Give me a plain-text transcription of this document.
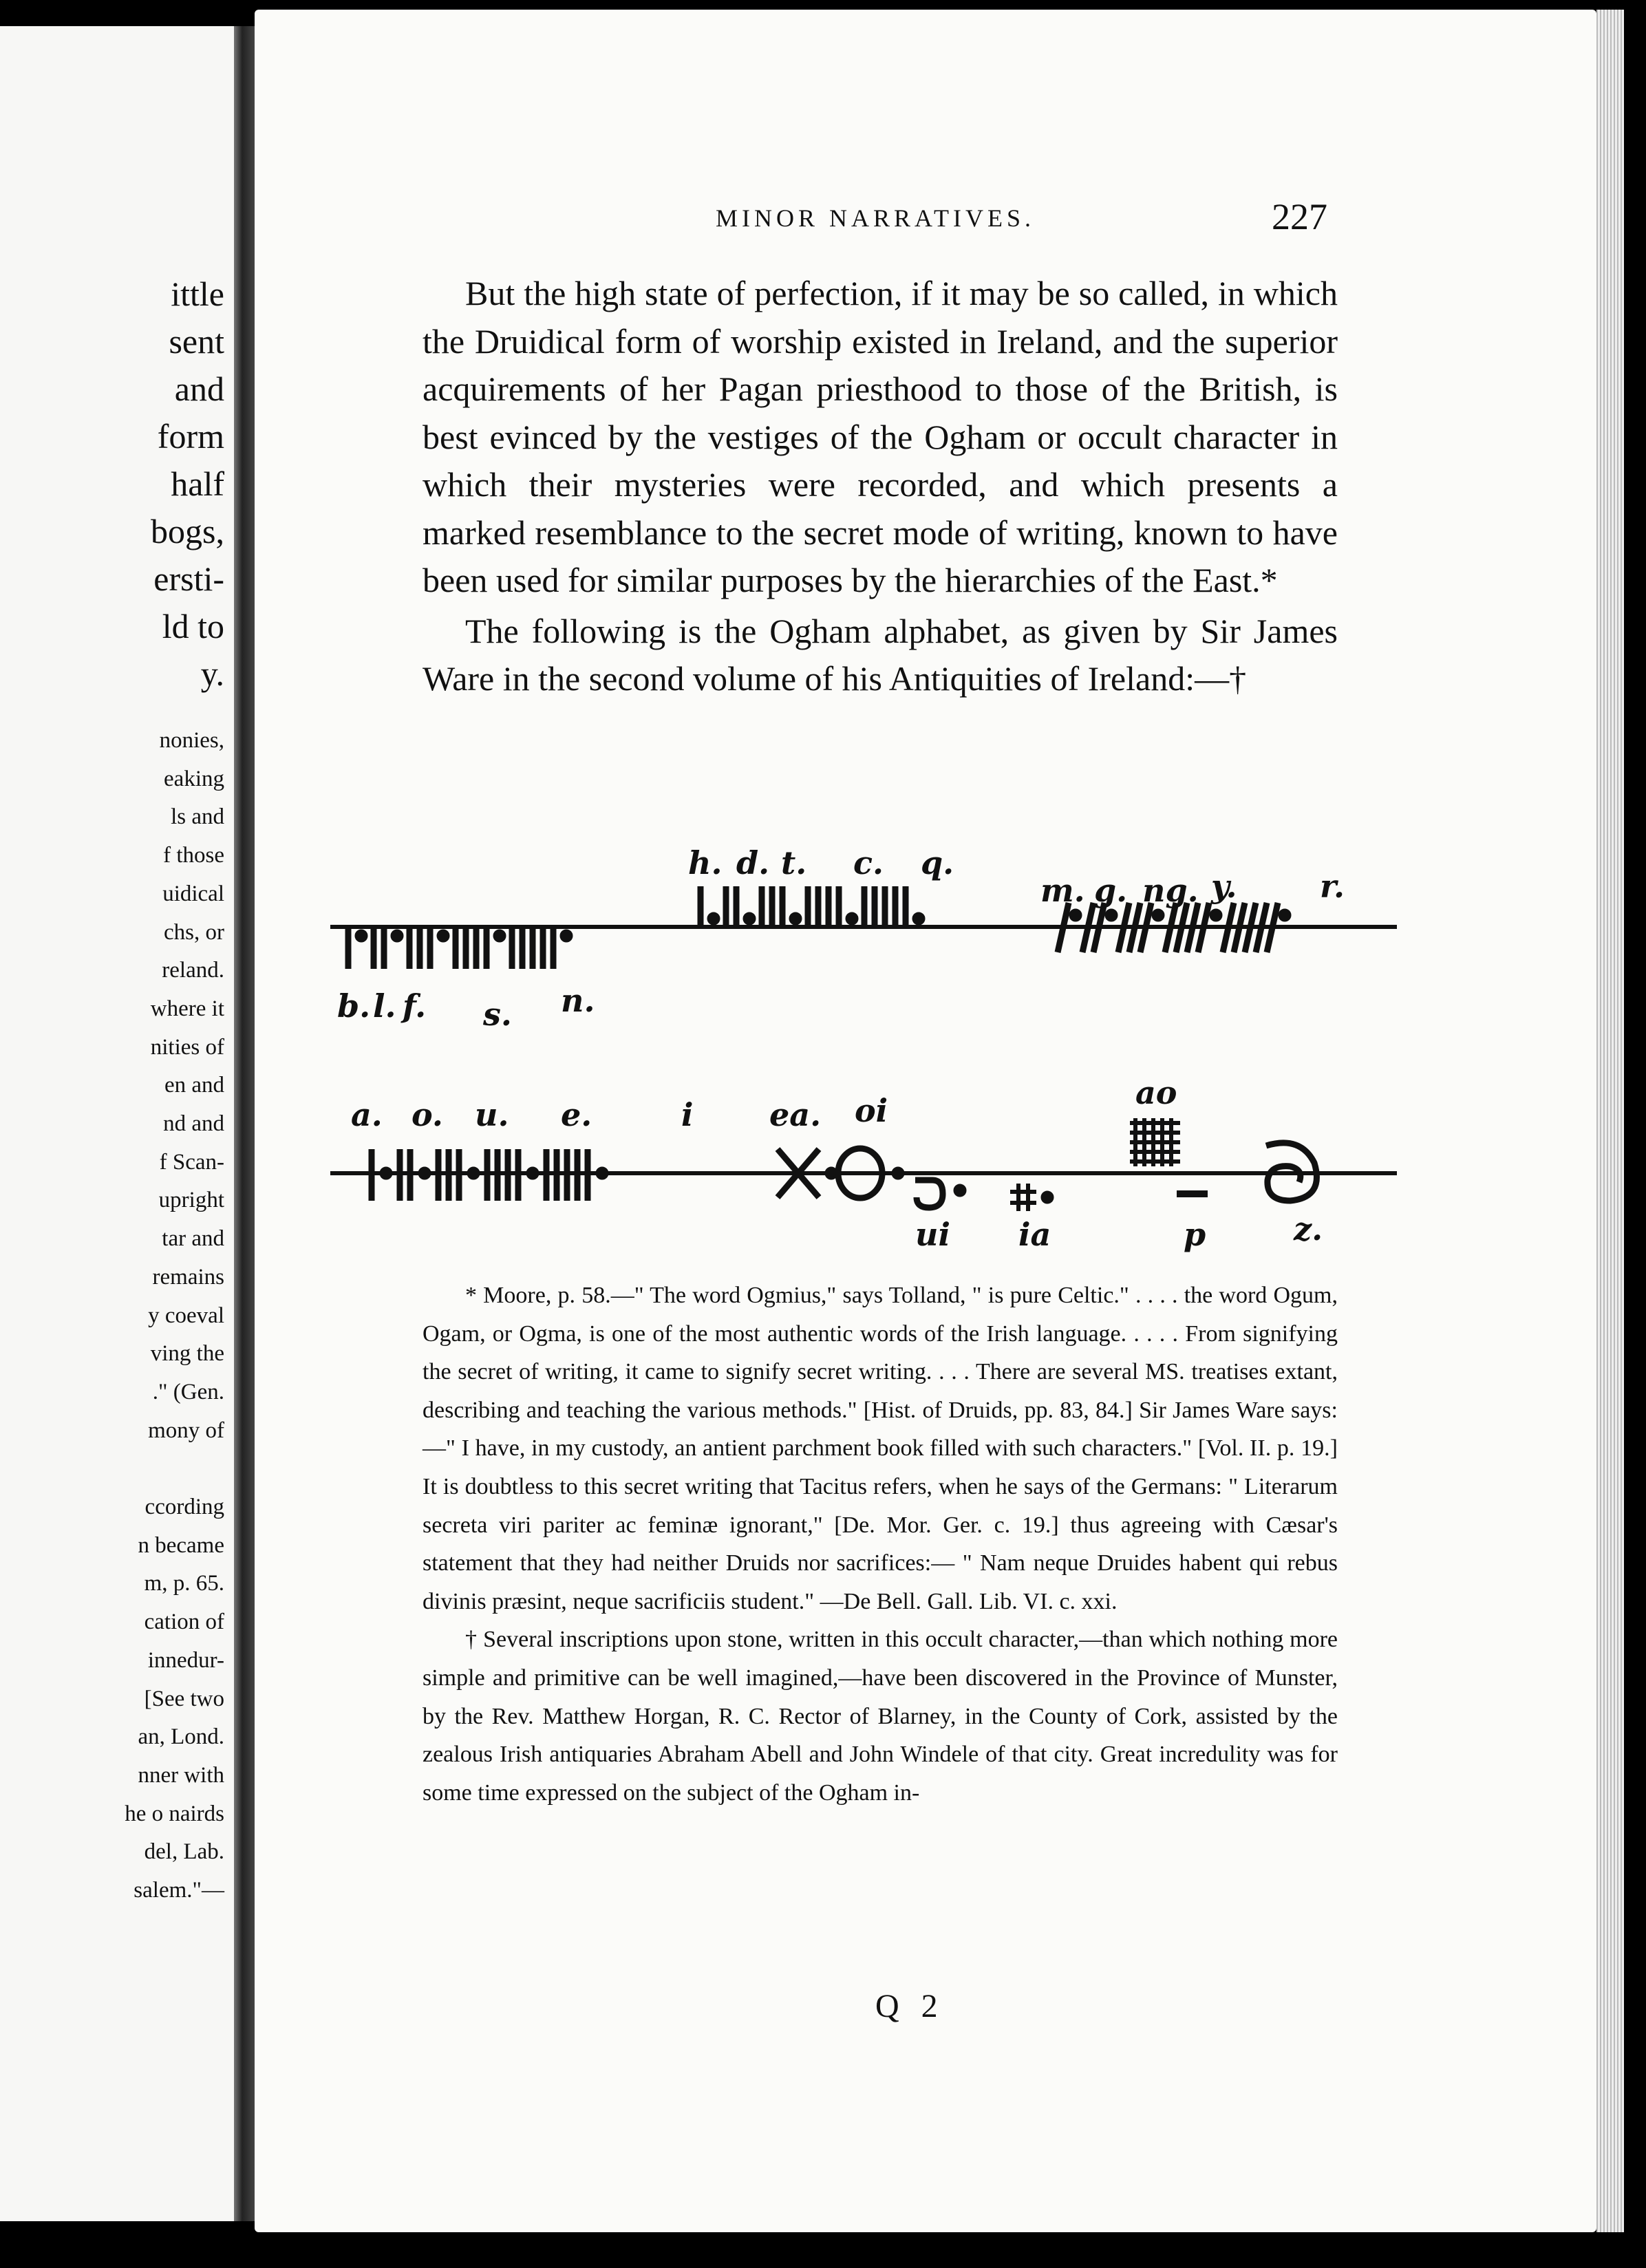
ittle
sent
and
form
half
bogs,
ersti-
ld to
y.
nonies,
eaking
ls and
f those
uidical
chs, or
reland.
where it
nities of
en and
nd and
f Scan-
upright
tar and
remains
y coeval
ving the
." (Gen.
mony of
ccording
n became
m, p. 65.
cation of
innedur-
[See two
an, Lond.
nner with
he o nairds
del, Lab.
salem."—
MINOR NARRATIVES.	227

But the high state of perfection, if it may be so called, in which the Druidical form of worship existed in Ireland, and the superior acquirements of her Pagan priesthood to those of the British, is best evinced by the vestiges of the Ogham or occult character in which their mysteries were recorded, and which presents a marked resemblance to the secret mode of writing, known to have been used for similar purposes by the hierarchies of the East.*

The following is the Ogham alphabet, as given by Sir James Ware in the second volume of his Antiquities of Ireland:—†

h. d. t. c. q.
m. g. ng. y.	r.
b. l. f. s. n.
a. o. u. e.	i ea. oi	ao
ui ia	p	z.

* Moore, p. 58.—" The word Ogmius," says Tolland, " is pure Celtic." . . . . the word Ogum, Ogam, or Ogma, is one of the most authentic words of the Irish language. . . . . From signifying the secret of writing, it came to signify secret writing. . . . There are several MS. treatises extant, describing and teaching the various methods." [Hist. of Druids, pp. 83, 84.] Sir James Ware says:—" I have, in my custody, an antient parchment book filled with such characters." [Vol. II. p. 19.] It is doubtless to this secret writing that Tacitus refers, when he says of the Germans: " Literarum secreta viri pariter ac feminæ ignorant," [De. Mor. Ger. c. 19.] thus agreeing with Cæsar's statement that they had neither Druids nor sacrifices:— " Nam neque Druides habent qui rebus divinis præsint, neque sacrificiis student." —De Bell. Gall. Lib. VI. c. xxi.

† Several inscriptions upon stone, written in this occult character,—than which nothing more simple and primitive can be well imagined,—have been discovered in the Province of Munster, by the Rev. Matthew Horgan, R. C. Rector of Blarney, in the County of Cork, assisted by the zealous Irish antiquaries Abraham Abell and John Windele of that city. Great incredulity was for some time expressed on the subject of the Ogham in-

Q 2
